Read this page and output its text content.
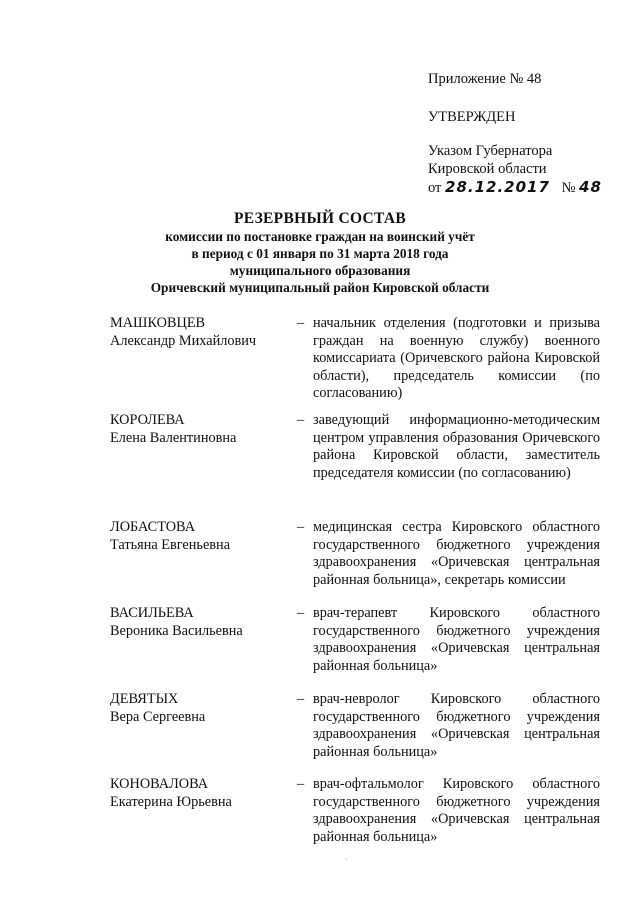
Приложение № 48
УТВЕРЖДЕН
Указом Губернатора
Кировской области
от 28.12.2017 № 48
РЕЗЕРВНЫЙ СОСТАВ
комиссии по постановке граждан на воинский учёт
в период с 01 января по 31 марта 2018 года
муниципального образования
Оричевский муниципальный район Кировской области
МАШКОВЦЕВ
Александр Михайлович
– начальник отделения (подготовки и призыва граждан на военную службу) военного комиссариата (Оричевского района Кировской области), председатель комиссии (по согласованию)
КОРОЛЕВА
Елена Валентиновна
– заведующий информационно-методическим центром управления образования Оричевского района Кировской области, заместитель председателя комиссии (по согласованию)
ЛОБАСТОВА
Татьяна Евгеньевна
– медицинская сестра Кировского областного государственного бюджетного учреждения здравоохранения «Оричевская центральная районная больница», секретарь комиссии
ВАСИЛЬЕВА
Вероника Васильевна
– врач-терапевт Кировского областного государственного бюджетного учреждения здравоохранения «Оричевская центральная районная больница»
ДЕВЯТЫХ
Вера Сергеевна
– врач-невролог Кировского областного государственного бюджетного учреждения здравоохранения «Оричевская центральная районная больница»
КОНОВАЛОВА
Екатерина Юрьевна
– врач-офтальмолог Кировского областного государственного бюджетного учреждения здравоохранения «Оричевская центральная районная больница»
·
